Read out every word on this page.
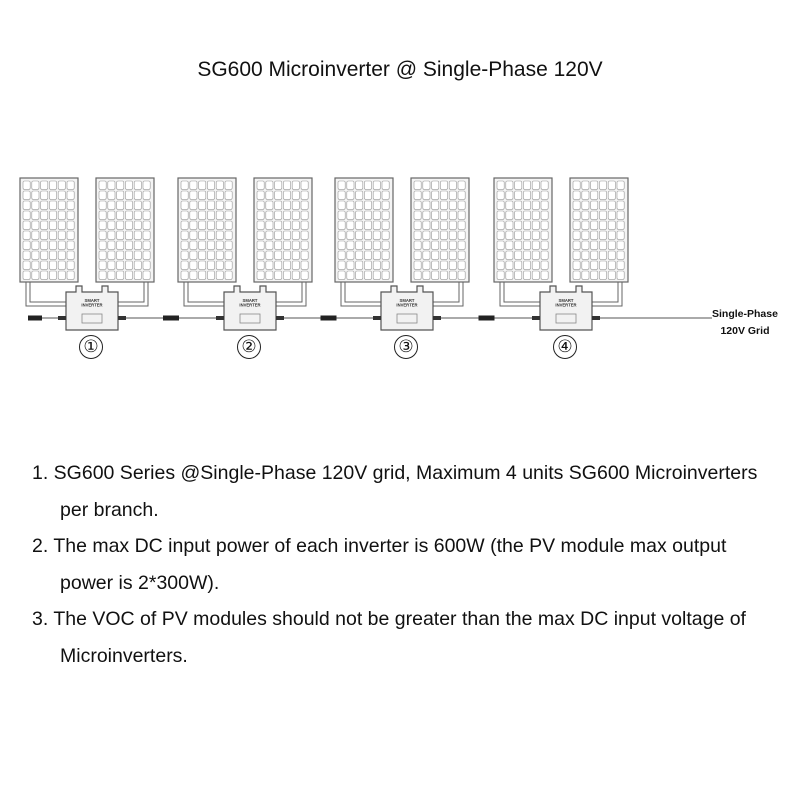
SG600 Microinverter @ Single-Phase 120V
SMART
INVERTER
SMART
INVERTER
SMART
INVERTER
SMART
INVERTER
①	②	③	④
Single-Phase
120V Grid
1. SG600 Series @Single-Phase 120V grid, Maximum 4 units SG600 Microinverters per branch.
2. The max DC input power of each inverter is 600W (the PV module max output power is 2*300W).
3. The VOC of PV modules should not be greater than the max DC input voltage of Microinverters.
